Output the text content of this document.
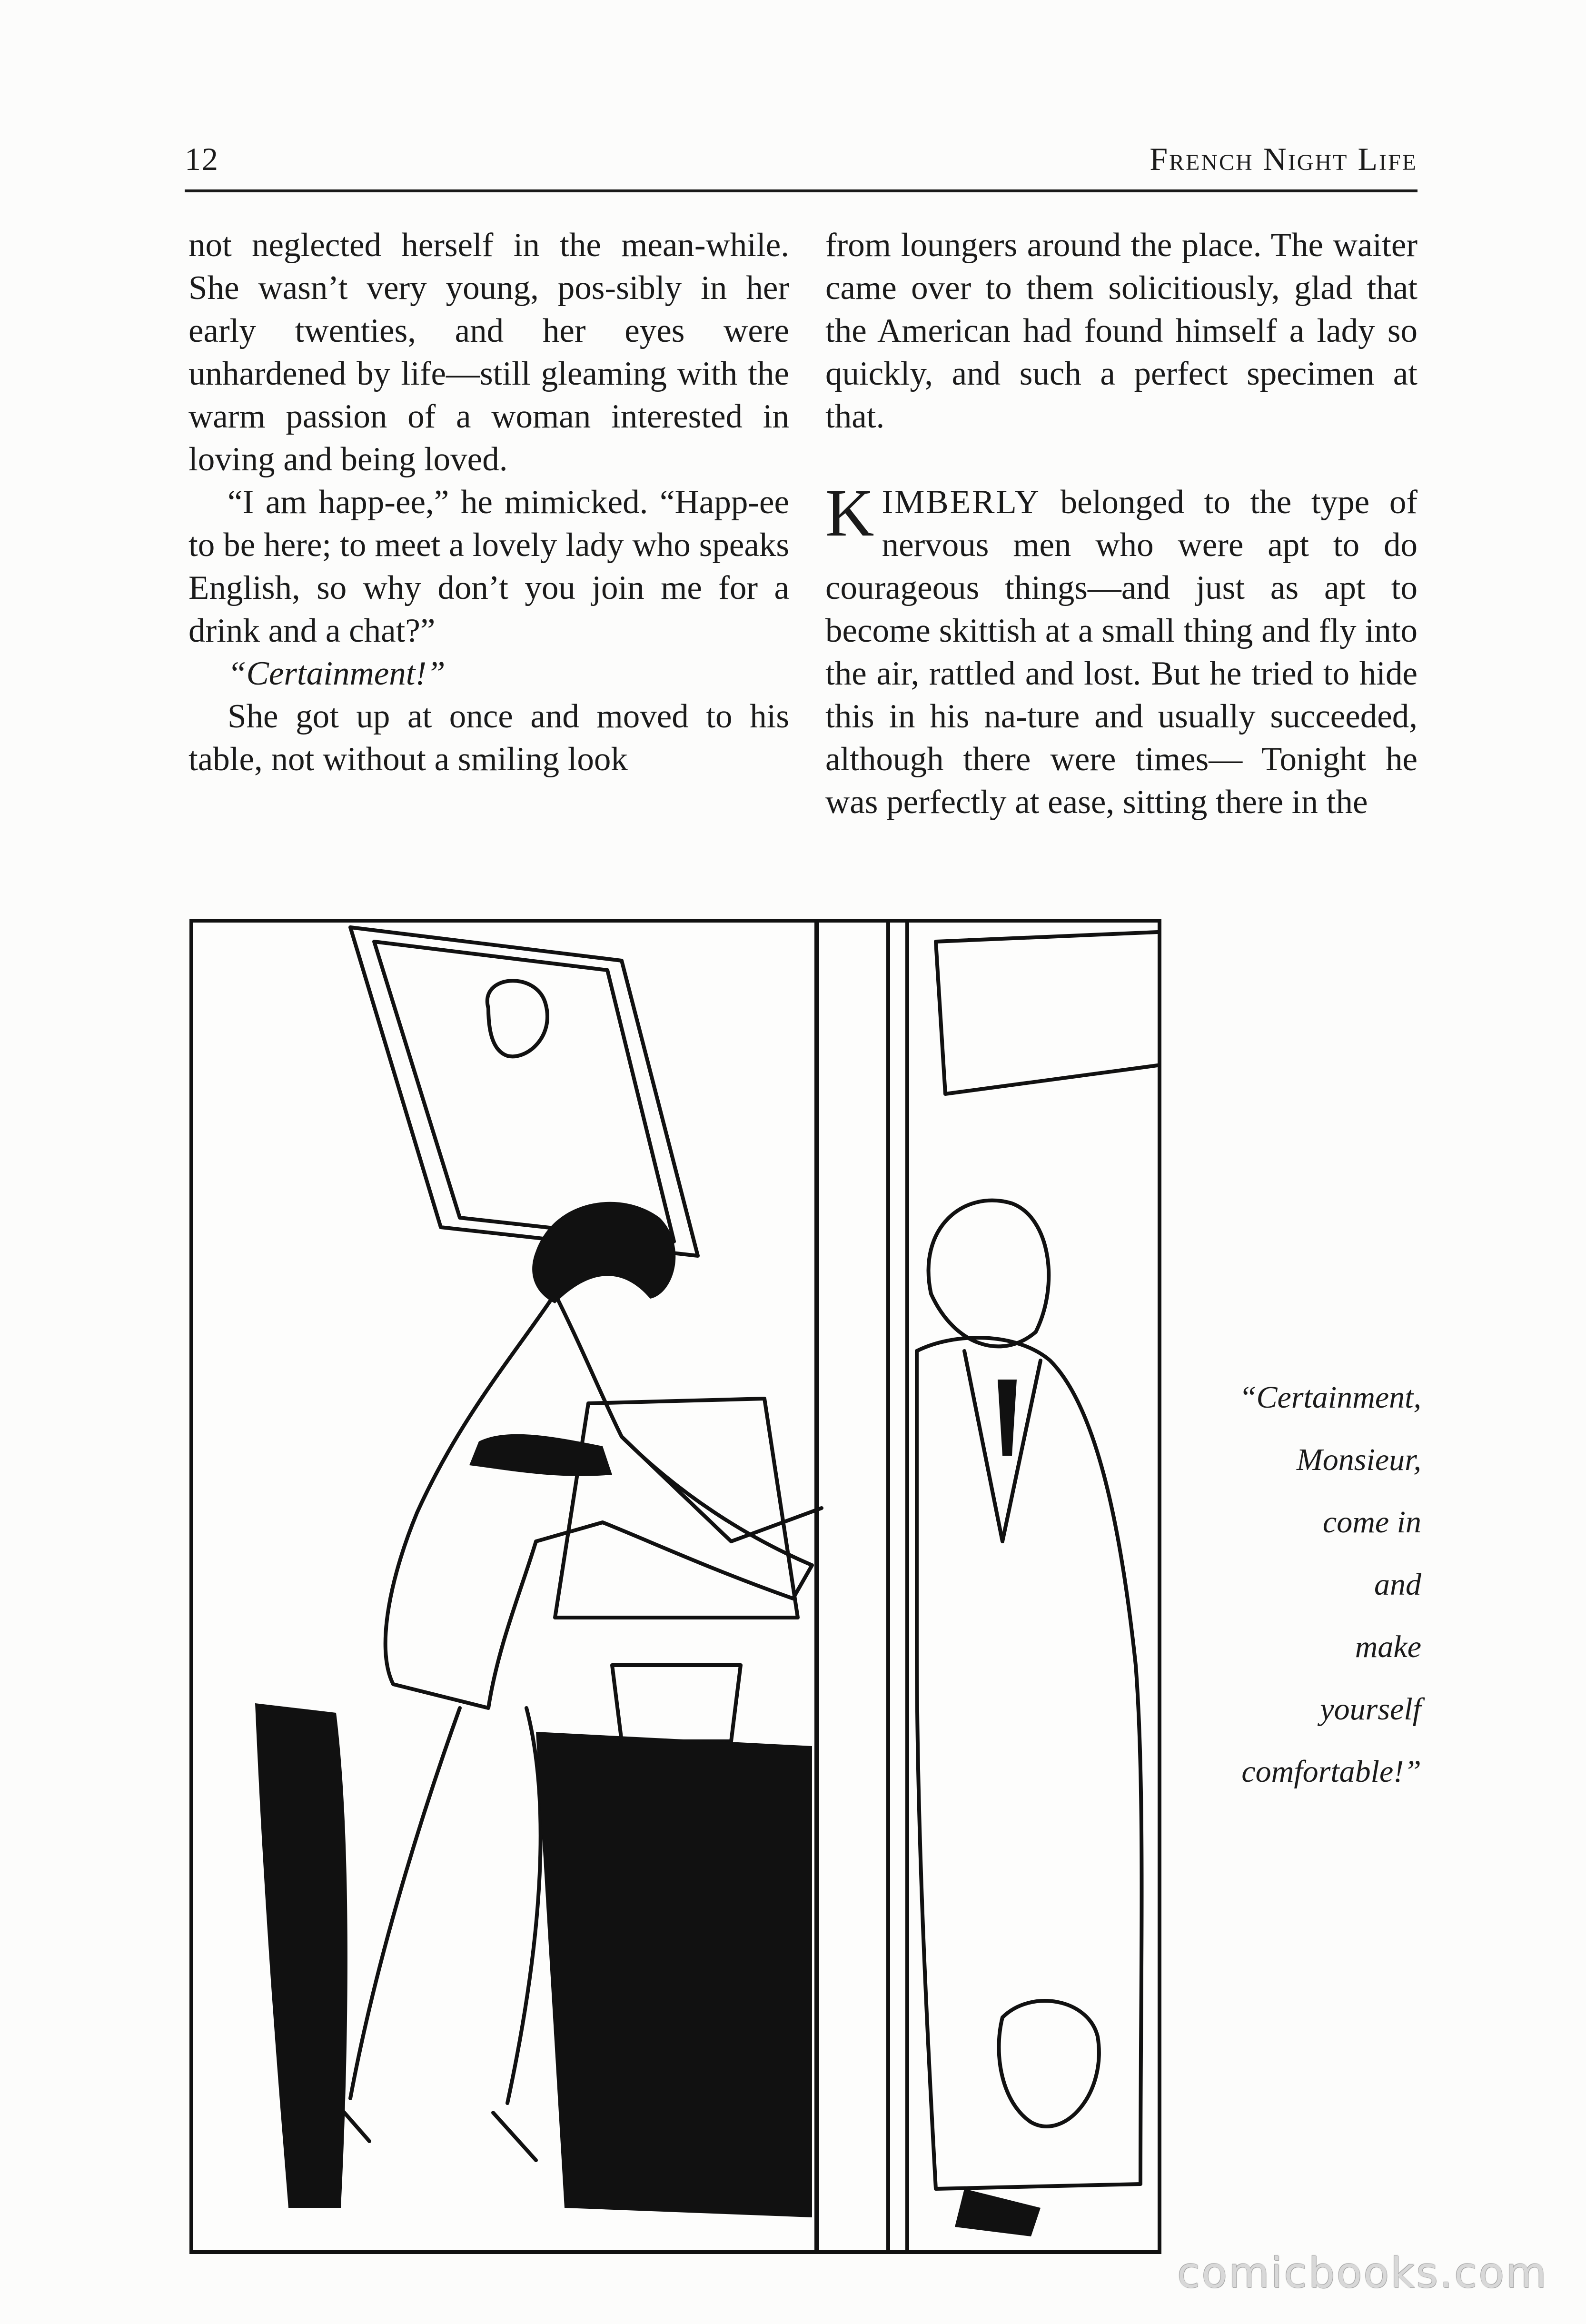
12	French Night Life

not neglected herself in the mean-while. She wasn’t very young, pos-sibly in her early twenties, and her eyes were unhardened by life—still gleaming with the warm passion of a woman interested in loving and being loved.

“I am happ-ee,” he mimicked. “Happ-ee to be here; to meet a lovely lady who speaks English, so why don’t you join me for a drink and a chat?”

“Certainment!”

She got up at once and moved to his table, not without a smiling look

from loungers around the place. The waiter came over to them solicitiously, glad that the American had found himself a lady so quickly, and such a perfect specimen at that.

KIMBERLY belonged to the type of nervous men who were apt to do courageous things—and just as apt to become skittish at a small thing and fly into the air, rattled and lost. But he tried to hide this in his na-ture and usually succeeded, although there were times— Tonight he was perfectly at ease, sitting there in the

“Certainment,
Monsieur,
come in
and
make
yourself
comfortable!”
comicbooks.com
